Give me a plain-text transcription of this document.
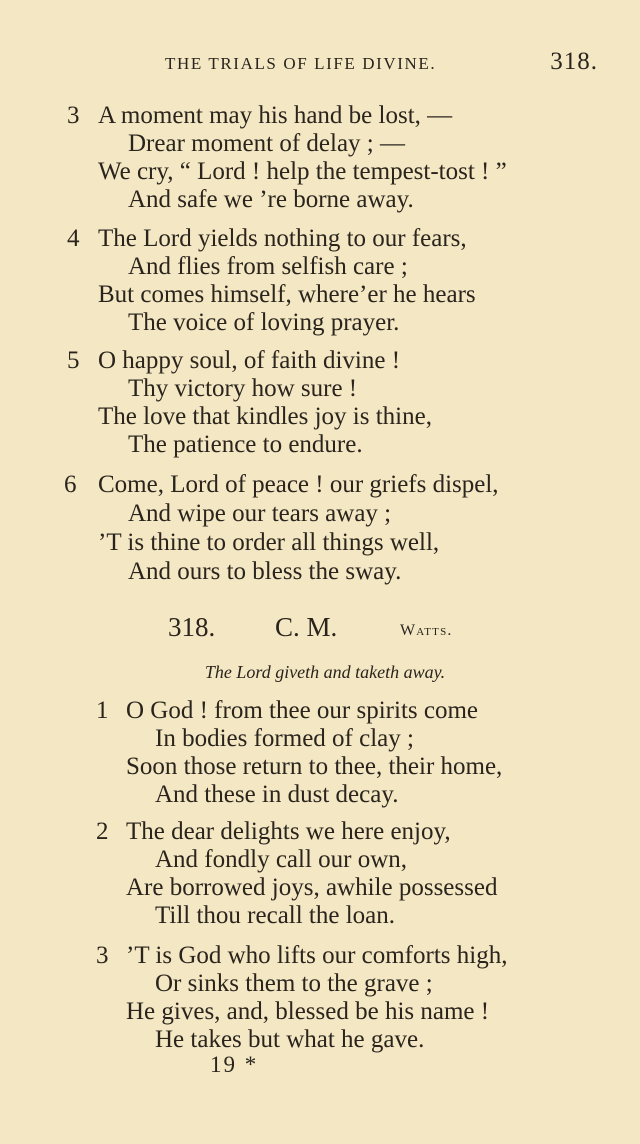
THE TRIALS OF LIFE DIVINE.	318.
3 A moment may his hand be lost, —
Drear moment of delay ; —
We cry, “ Lord ! help the tempest-tost ! ”
And safe we ’re borne away.
4 The Lord yields nothing to our fears,
And flies from selfish care ;
But comes himself, where’er he hears
The voice of loving prayer.
5 O happy soul, of faith divine !
Thy victory how sure !
The love that kindles joy is thine,
The patience to endure.
6 Come, Lord of peace ! our griefs dispel,
And wipe our tears away ;
’T is thine to order all things well,
And ours to bless the sway.
318. C. M.	Watts.
The Lord giveth and taketh away.
1 O God ! from thee our spirits come
In bodies formed of clay ;
Soon those return to thee, their home,
And these in dust decay.
2 The dear delights we here enjoy,
And fondly call our own,
Are borrowed joys, awhile possessed
Till thou recall the loan.
3 ’T is God who lifts our comforts high,
Or sinks them to the grave ;
He gives, and, blessed be his name !
He takes but what he gave.
19 *
